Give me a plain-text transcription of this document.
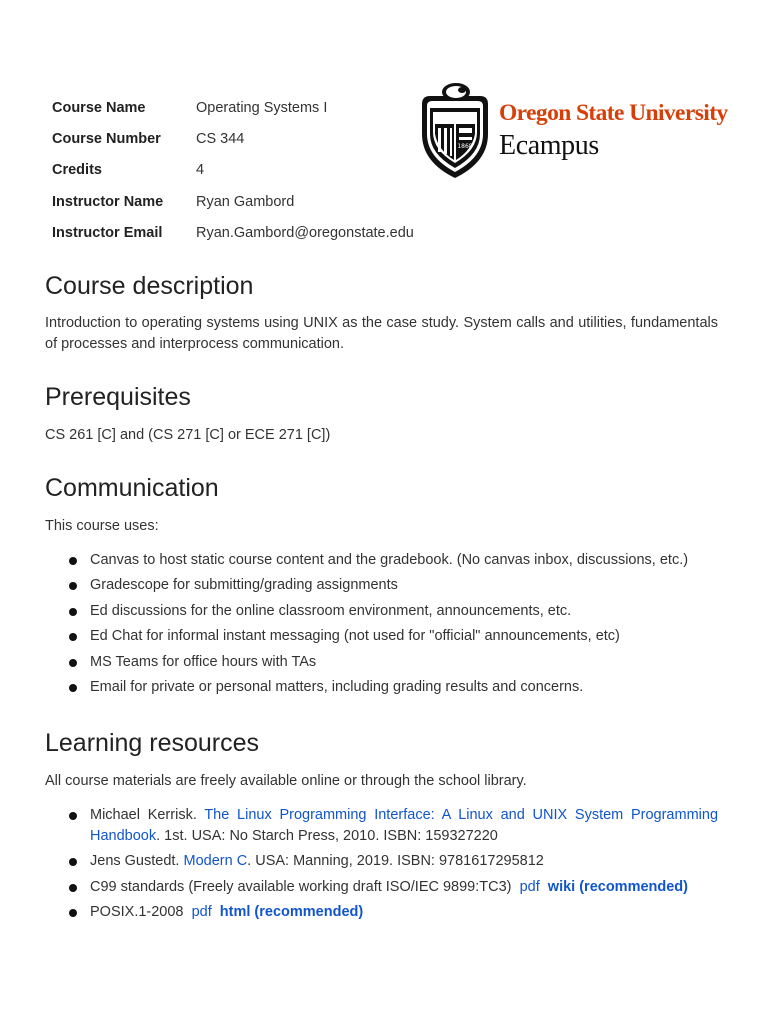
Course Name	Operating Systems I
Course Number	CS 344
Credits	4
Instructor Name	Ryan Gambord
Instructor Email	Ryan.Gambord@oregonstate.edu
1868
Oregon State University
Ecampus
Course description

Introduction to operating systems using UNIX as the case study. System calls and utilities, fundamentals of processes and interprocess communication.

Prerequisites

CS 261 [C] and (CS 271 [C] or ECE 271 [C])

Communication

This course uses:

Canvas to host static course content and the gradebook. (No canvas inbox, discussions, etc.)
Gradescope for submitting/grading assignments
Ed discussions for the online classroom environment, announcements, etc.
Ed Chat for informal instant messaging (not used for "official" announcements, etc)
MS Teams for office hours with TAs
Email for private or personal matters, including grading results and concerns.
Learning resources

All course materials are freely available online or through the school library.

Michael Kerrisk. The Linux Programming Interface: A Linux and UNIX System Programming Handbook. 1st. USA: No Starch Press, 2010. ISBN: 159327220
Jens Gustedt. Modern C. USA: Manning, 2019. ISBN: 9781617295812
C99 standards (Freely available working draft ISO/IEC 9899:TC3) pdf wiki (recommended)
POSIX.1-2008 pdf html (recommended)
